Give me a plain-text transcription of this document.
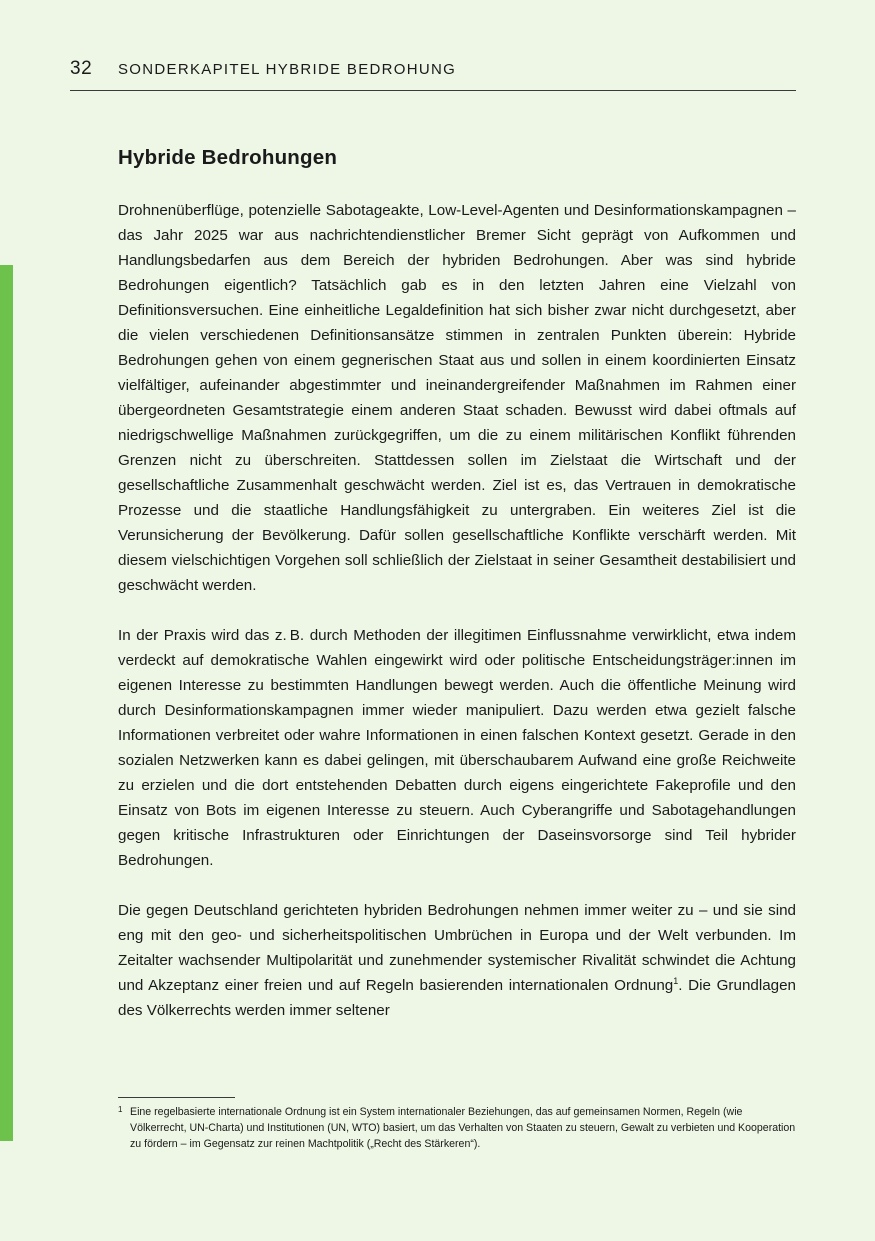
32 SONDERKAPITEL HYBRIDE BEDROHUNG
Hybride Bedrohungen

Drohnenüberflüge, potenzielle Sabotageakte, Low-Level-Agenten und Desinformationskampagnen – das Jahr 2025 war aus nachrichtendienstlicher Bremer Sicht geprägt von Aufkommen und Handlungsbedarfen aus dem Bereich der hybriden Bedrohungen. Aber was sind hybride Bedrohungen eigentlich? Tatsächlich gab es in den letzten Jahren eine Vielzahl von Definitionsversuchen. Eine einheitliche Legaldefinition hat sich bisher zwar nicht durchgesetzt, aber die vielen verschiedenen Definitionsansätze stimmen in zentralen Punkten überein: Hybride Bedrohungen gehen von einem gegnerischen Staat aus und sollen in einem koordinierten Einsatz vielfältiger, aufeinander abgestimmter und ineinandergreifender Maßnahmen im Rahmen einer übergeordneten Gesamtstrategie einem anderen Staat schaden. Bewusst wird dabei oftmals auf niedrigschwellige Maßnahmen zurückgegriffen, um die zu einem militärischen Konflikt führenden Grenzen nicht zu überschreiten. Stattdessen sollen im Zielstaat die Wirtschaft und der gesellschaftliche Zusammenhalt geschwächt werden. Ziel ist es, das Vertrauen in demokratische Prozesse und die staatliche Handlungsfähigkeit zu untergraben. Ein weiteres Ziel ist die Verunsicherung der Bevölkerung. Dafür sollen gesellschaftliche Konflikte verschärft werden. Mit diesem vielschichtigen Vorgehen soll schließlich der Zielstaat in seiner Gesamtheit destabilisiert und geschwächt werden.

In der Praxis wird das z. B. durch Methoden der illegitimen Einflussnahme verwirklicht, etwa indem verdeckt auf demokratische Wahlen eingewirkt wird oder politische Entscheidungsträger:innen im eigenen Interesse zu bestimmten Handlungen bewegt werden. Auch die öffentliche Meinung wird durch Desinformationskampagnen immer wieder manipuliert. Dazu werden etwa gezielt falsche Informationen verbreitet oder wahre Informationen in einen falschen Kontext gesetzt. Gerade in den sozialen Netzwerken kann es dabei gelingen, mit überschaubarem Aufwand eine große Reichweite zu erzielen und die dort entstehenden Debatten durch eigens eingerichtete Fakeprofile und den Einsatz von Bots im eigenen Interesse zu steuern. Auch Cyberangriffe und Sabotagehandlungen gegen kritische Infrastrukturen oder Einrichtungen der Daseinsvorsorge sind Teil hybrider Bedrohungen.

Die gegen Deutschland gerichteten hybriden Bedrohungen nehmen immer weiter zu – und sie sind eng mit den geo- und sicherheitspolitischen Umbrüchen in Europa und der Welt verbunden. Im Zeitalter wachsender Multipolarität und zunehmender systemischer Rivalität schwindet die Achtung und Akzeptanz einer freien und auf Regeln basierenden internationalen Ordnung$^1$. Die Grundlagen des Völkerrechts werden immer seltener

1 Eine regelbasierte internationale Ordnung ist ein System internationaler Beziehungen, das auf gemeinsamen Normen, Regeln (wie Völkerrecht, UN-Charta) und Institutionen (UN, WTO) basiert, um das Verhalten von Staaten zu steuern, Gewalt zu verbieten und Kooperation zu fördern – im Gegensatz zur reinen Machtpolitik („Recht des Stärkeren“).
